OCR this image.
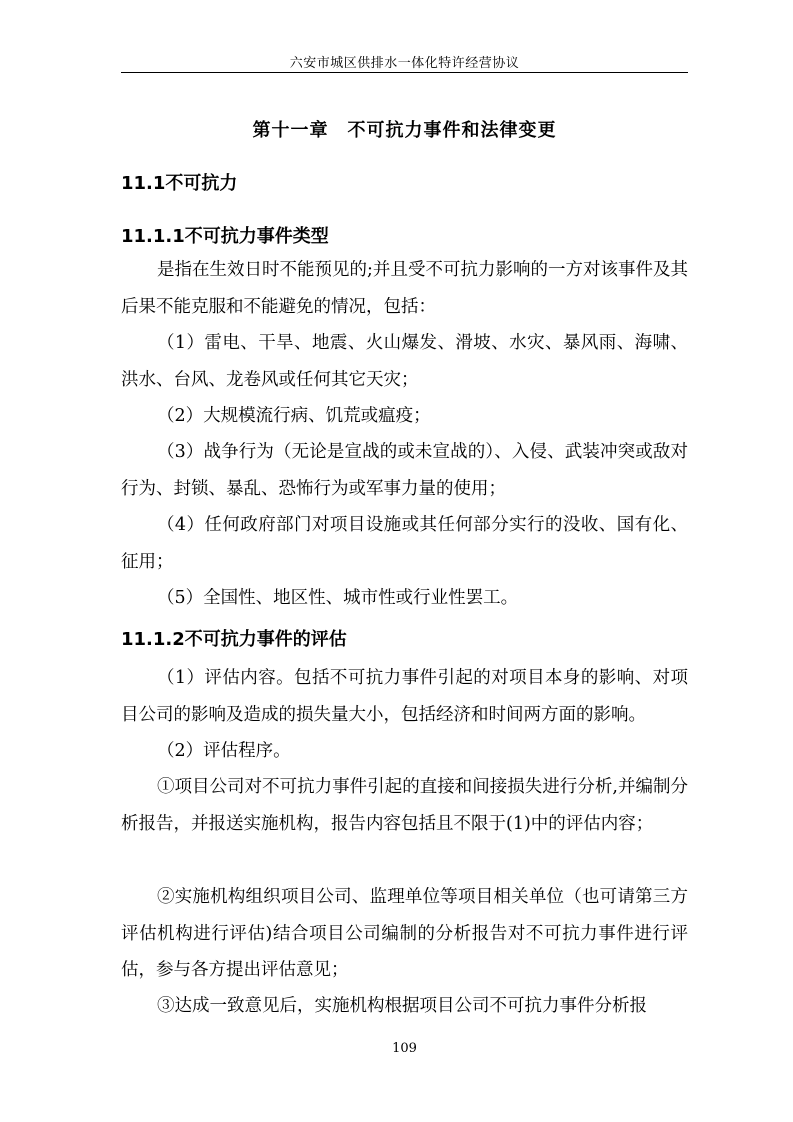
六安市城区供排水一体化特许经营协议
第十一章　不可抗力事件和法律变更
11.1不可抗力
11.1.1不可抗力事件类型

是指在生效日时不能预见的;并且受不可抗力影响的一方对该事件及其后果不能克服和不能避免的情况，包括：

（1）雷电、干旱、地震、火山爆发、滑坡、水灾、暴风雨、海啸、洪水、台风、龙卷风或任何其它天灾；

（2）大规模流行病、饥荒或瘟疫；

（3）战争行为（无论是宣战的或未宣战的）、入侵、武装冲突或敌对行为、封锁、暴乱、恐怖行为或军事力量的使用；

（4）任何政府部门对项目设施或其任何部分实行的没收、国有化、征用；

（5）全国性、地区性、城市性或行业性罢工。

11.1.2不可抗力事件的评估

（1）评估内容。包括不可抗力事件引起的对项目本身的影响、对项目公司的影响及造成的损失量大小，包括经济和时间两方面的影响。

（2）评估程序。

①项目公司对不可抗力事件引起的直接和间接损失进行分析,并编制分析报告，并报送实施机构，报告内容包括且不限于(1)中的评估内容；

②实施机构组织项目公司、监理单位等项目相关单位（也可请第三方评估机构进行评估)结合项目公司编制的分析报告对不可抗力事件进行评估，参与各方提出评估意见；

③达成一致意见后，实施机构根据项目公司不可抗力事件分析报

109
